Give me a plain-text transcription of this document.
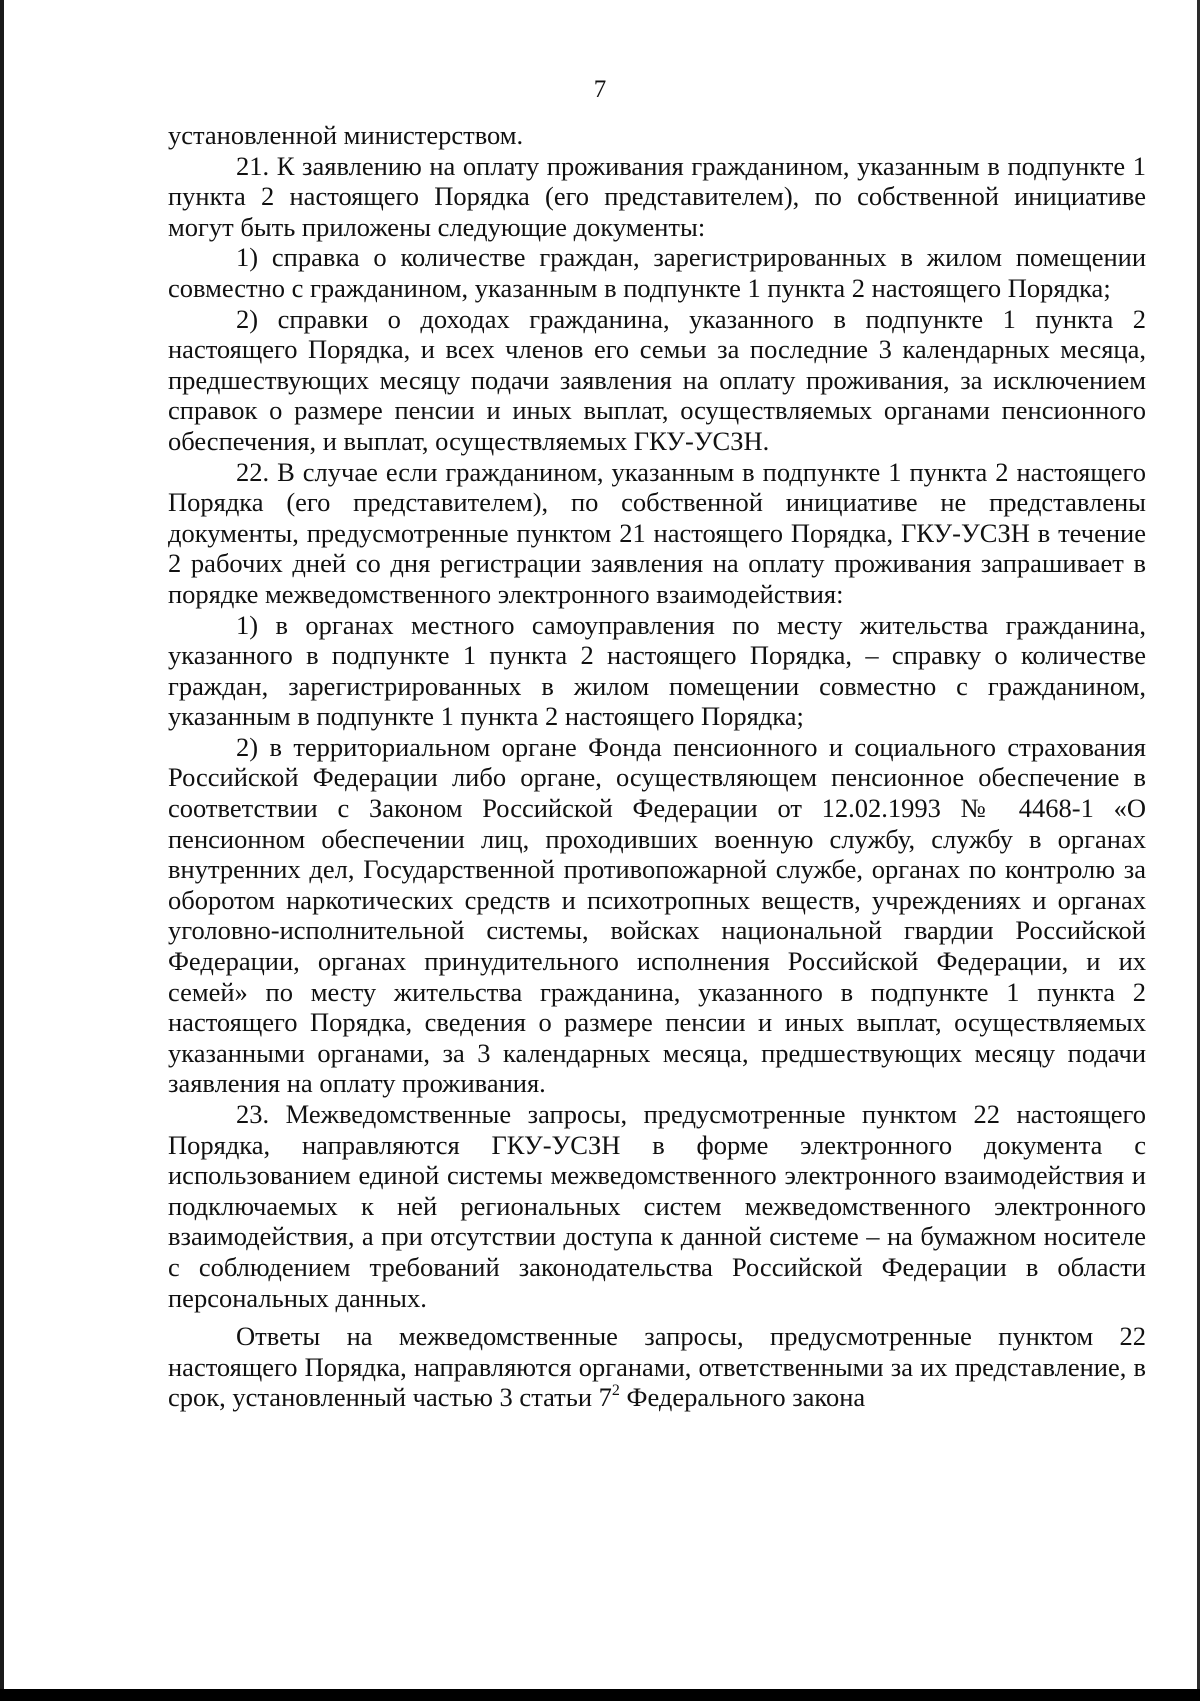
7

установленной министерством.

21. К заявлению на оплату проживания гражданином, указанным в подпункте 1 пункта 2 настоящего Порядка (его представителем), по собственной инициативе могут быть приложены следующие документы:

1) справка о количестве граждан, зарегистрированных в жилом помещении совместно с гражданином, указанным в подпункте 1 пункта 2 настоящего Порядка;

2) справки о доходах гражданина, указанного в подпункте 1 пункта 2 настоящего Порядка, и всех членов его семьи за последние 3 календарных месяца, предшествующих месяцу подачи заявления на оплату проживания, за исключением справок о размере пенсии и иных выплат, осуществляемых органами пенсионного обеспечения, и выплат, осуществляемых ГКУ-УСЗН.

22. В случае если гражданином, указанным в подпункте 1 пункта 2 настоящего Порядка (его представителем), по собственной инициативе не представлены документы, предусмотренные пунктом 21 настоящего Порядка, ГКУ-УСЗН в течение 2 рабочих дней со дня регистрации заявления на оплату проживания запрашивает в порядке межведомственного электронного взаимодействия:

1) в органах местного самоуправления по месту жительства гражданина, указанного в подпункте 1 пункта 2 настоящего Порядка, – справку о количестве граждан, зарегистрированных в жилом помещении совместно с гражданином, указанным в подпункте 1 пункта 2 настоящего Порядка;

2) в территориальном органе Фонда пенсионного и социального страхования Российской Федерации либо органе, осуществляющем пенсионное обеспечение в соответствии с Законом Российской Федерации от 12.02.1993 № 4468-1 «О пенсионном обеспечении лиц, проходивших военную службу, службу в органах внутренних дел, Государственной противопожарной службе, органах по контролю за оборотом наркотических средств и психотропных веществ, учреждениях и органах уголовно-исполнительной системы, войсках национальной гвардии Российской Федерации, органах принудительного исполнения Российской Федерации, и их семей» по месту жительства гражданина, указанного в подпункте 1 пункта 2 настоящего Порядка, сведения о размере пенсии и иных выплат, осуществляемых указанными органами, за 3 календарных месяца, предшествующих месяцу подачи заявления на оплату проживания.

23. Межведомственные запросы, предусмотренные пунктом 22 настоящего Порядка, направляются ГКУ-УСЗН в форме электронного документа с использованием единой системы межведомственного электронного взаимодействия и подключаемых к ней региональных систем межведомственного электронного взаимодействия, а при отсутствии доступа к данной системе – на бумажном носителе с соблюдением требований законодательства Российской Федерации в области персональных данных.

Ответы на межведомственные запросы, предусмотренные пунктом 22 настоящего Порядка, направляются органами, ответственными за их представление, в срок, установленный частью 3 статьи $7^2$ Федерального закона
